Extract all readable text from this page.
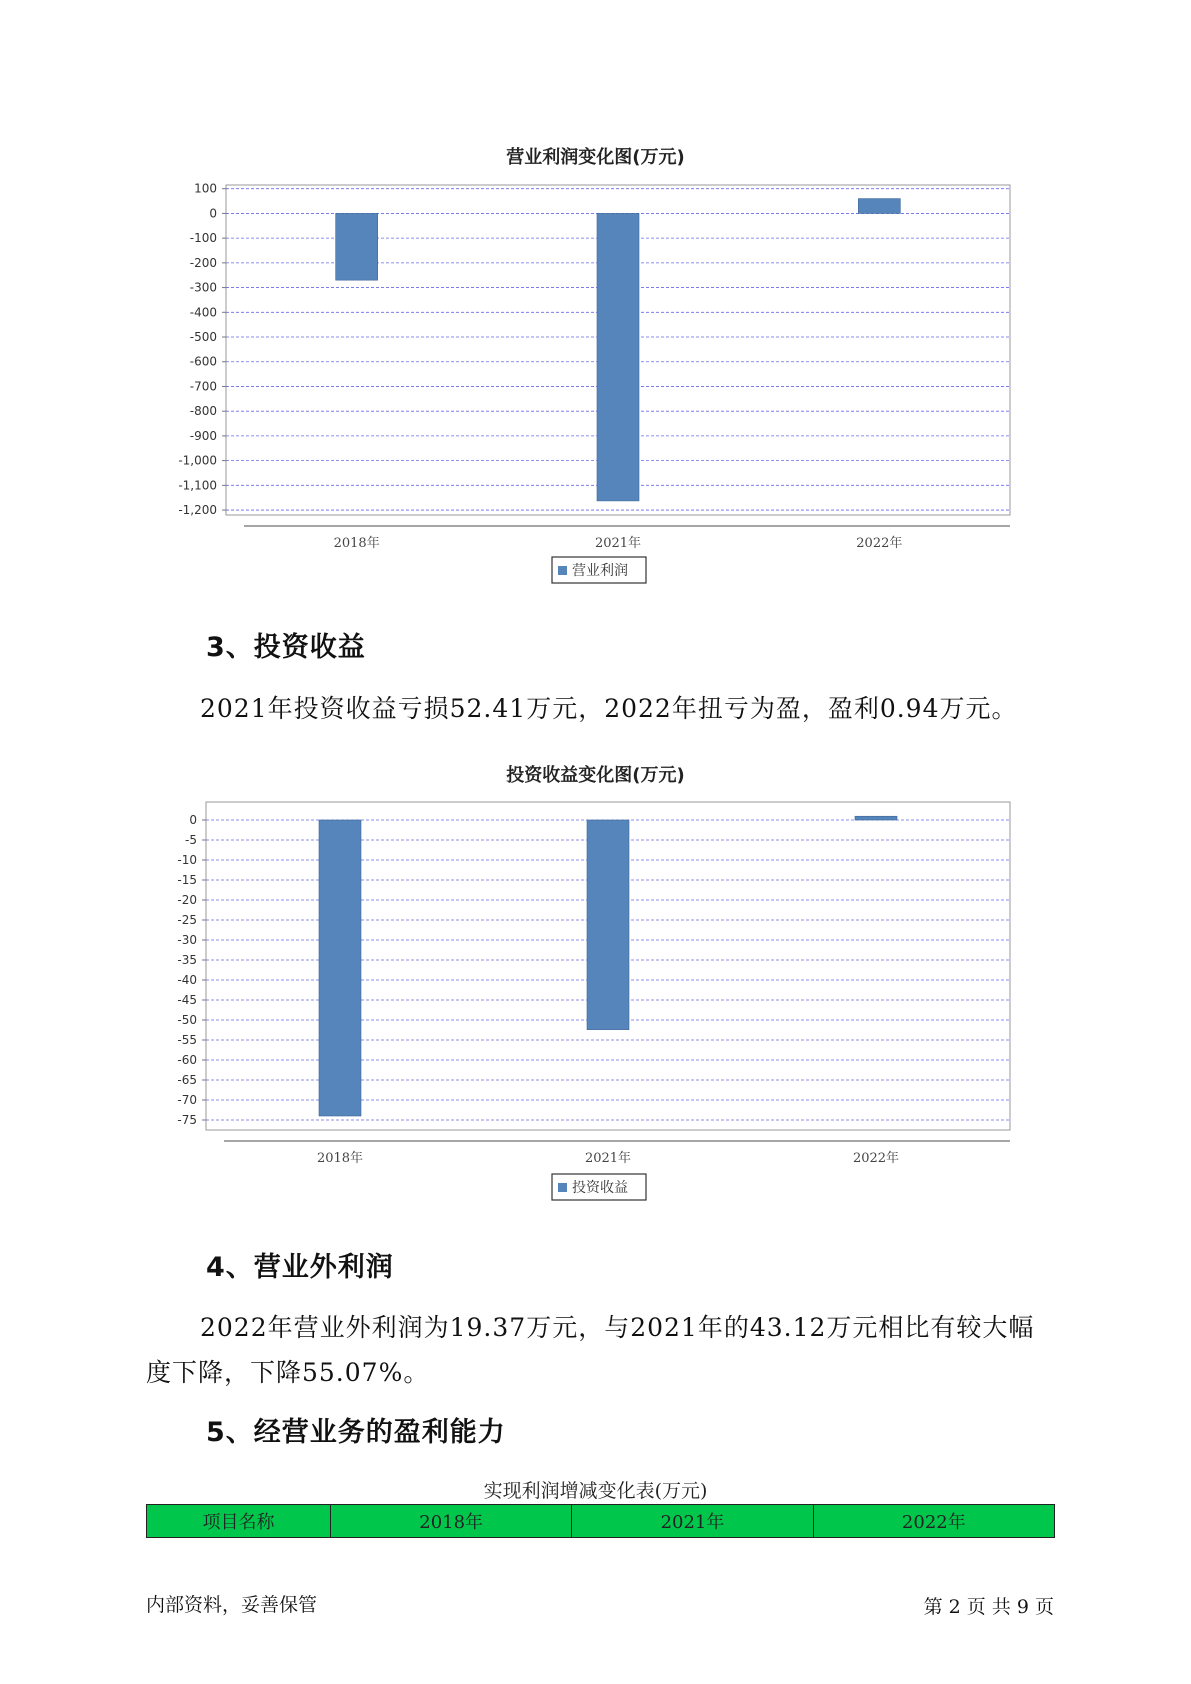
营业利润变化图(万元)
100
0
-100
-200
-300
-400
-500
-600
-700
-800
-900
-1,000
-1,100
-1,200
2018年	2021年	2022年
营业利润
3、投资收益

2021年投资收益亏损52.41万元，2022年扭亏为盈，盈利0.94万元。

投资收益变化图(万元)
0
-5
-10
-15
-20
-25
-30
-35
-40
-45
-50
-55
-60
-65
-70
-75
2018年	2021年	2022年
投资收益
4、营业外利润

2022年营业外利润为19.37万元，与2021年的43.12万元相比有较大幅度下降，下降55.07%。

5、经营业务的盈利能力
实现利润增减变化表(万元)
项目名称	2018年	2021年	2022年
内部资料，妥善保管	第 2 页 共 9 页
